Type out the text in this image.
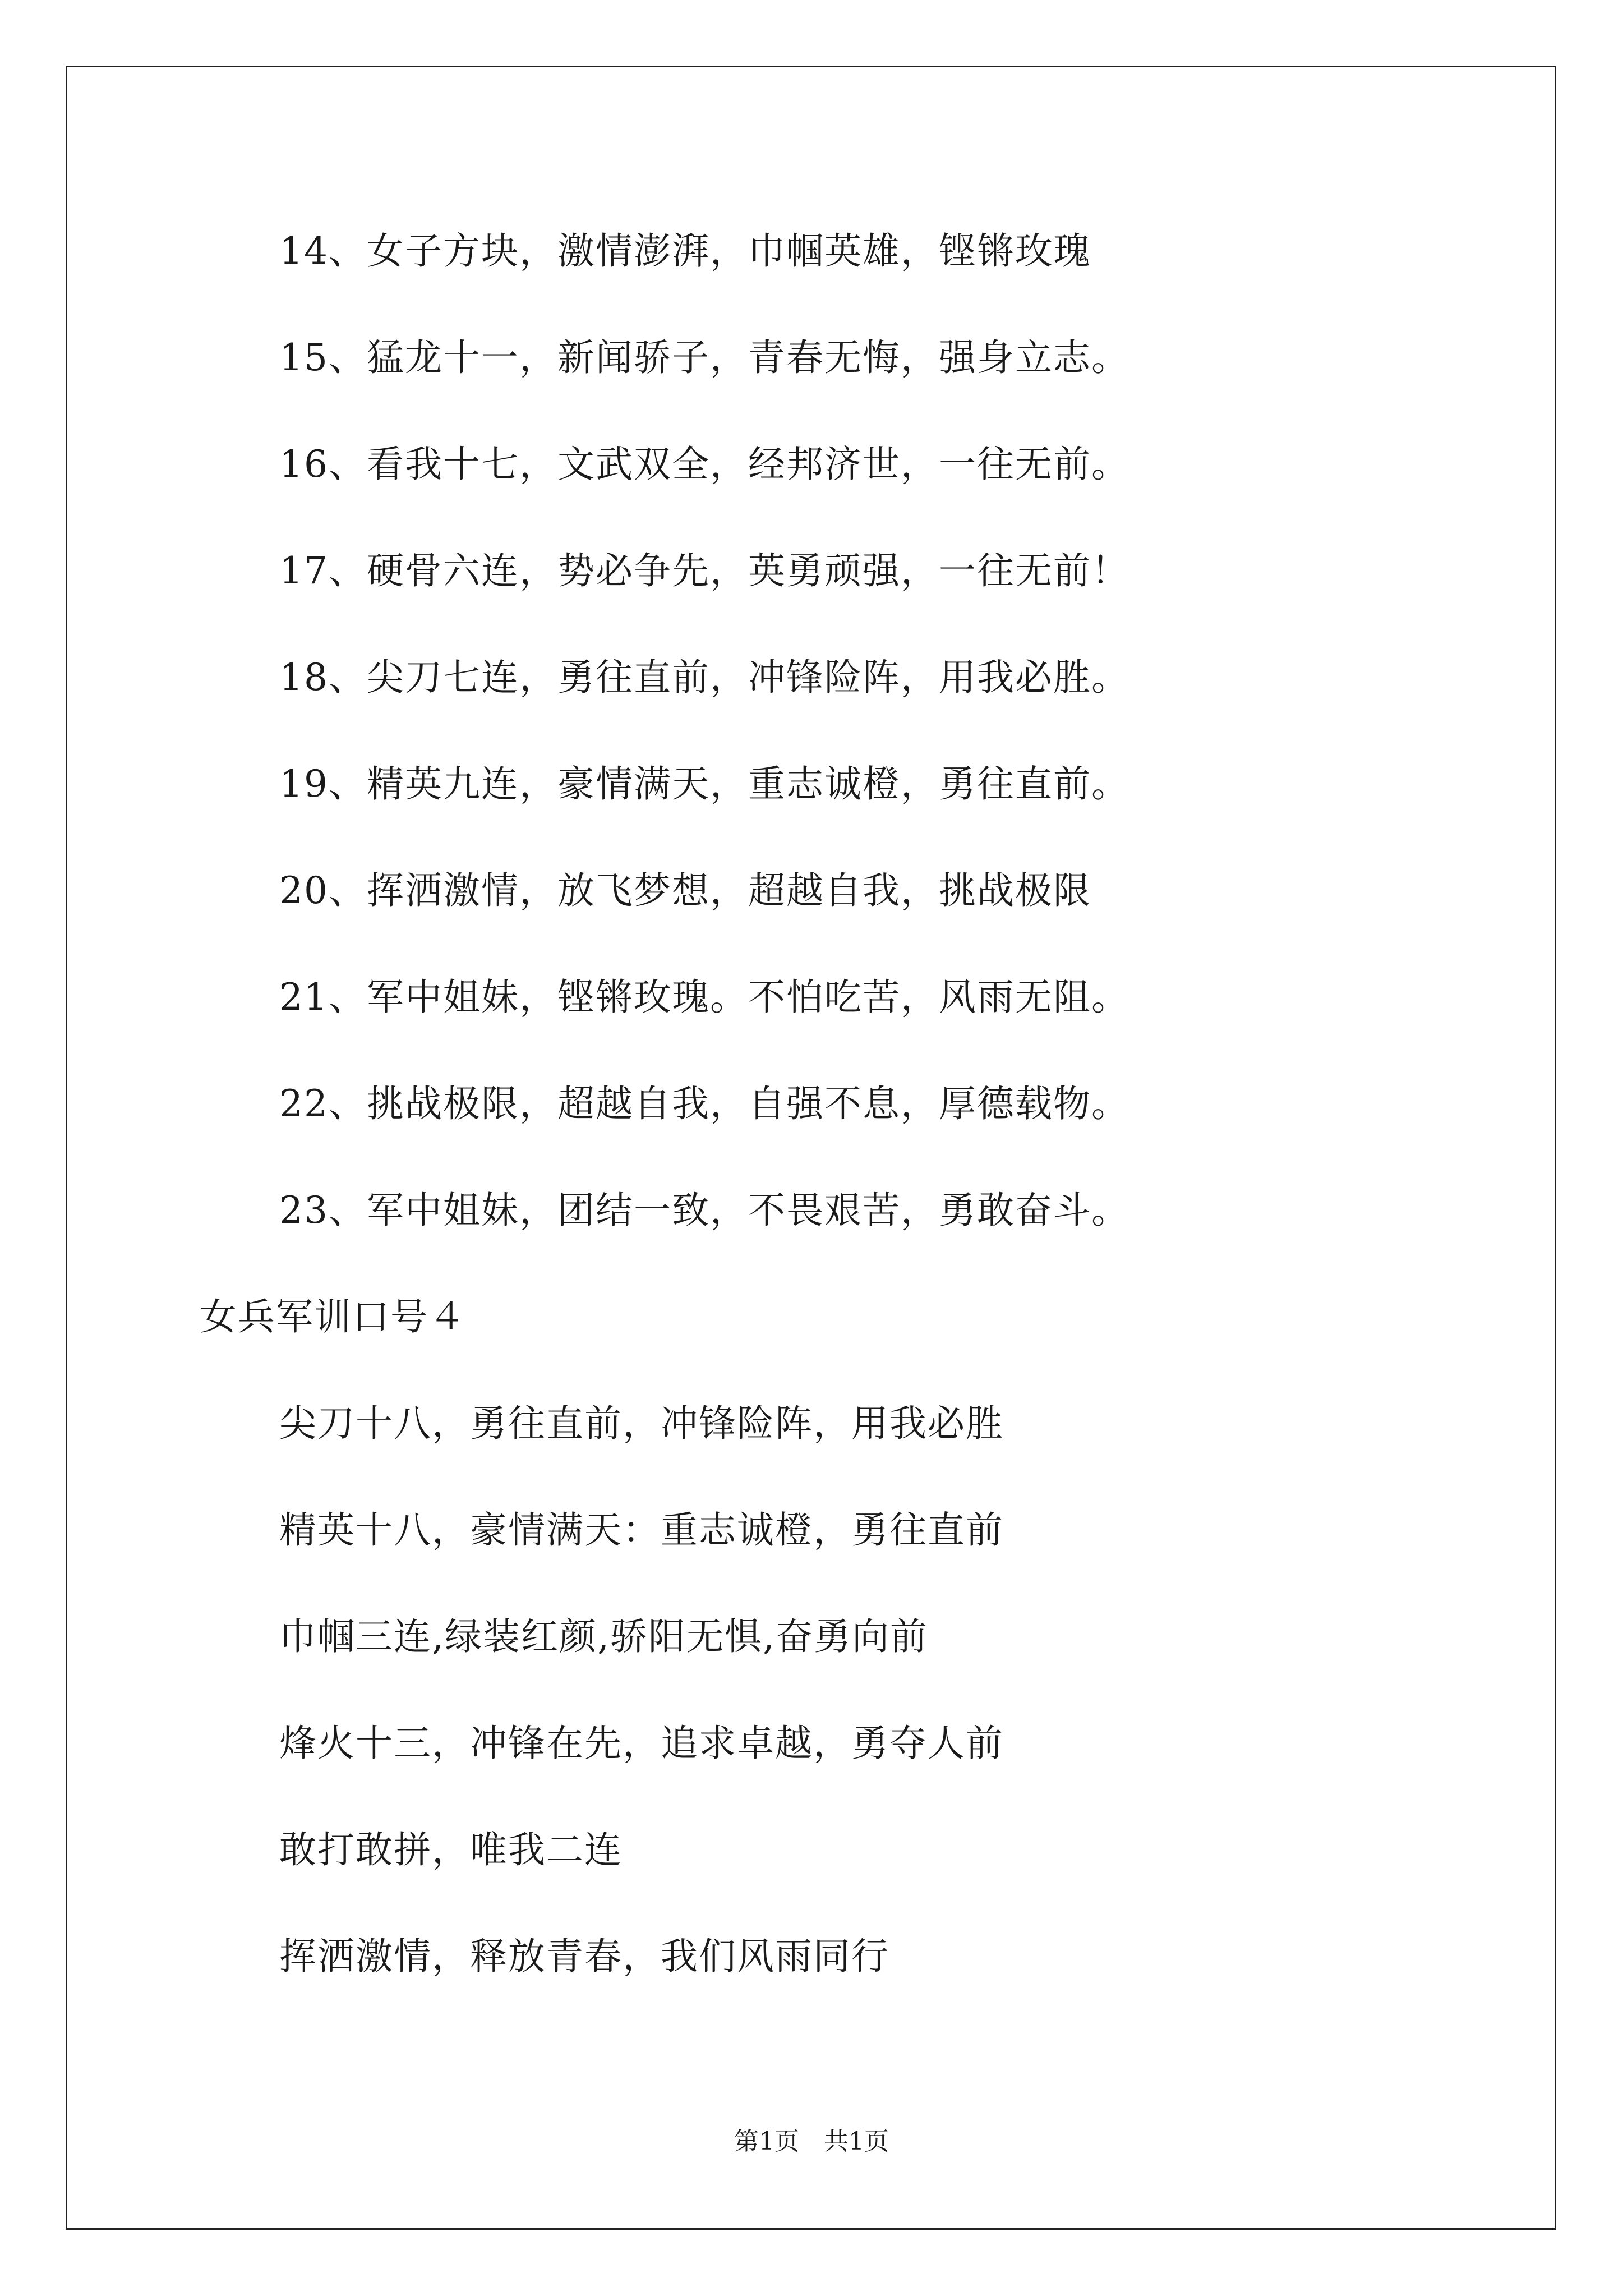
14、女子方块，激情澎湃，巾帼英雄，铿锵玫瑰
15、猛龙十一，新闻骄子，青春无悔，强身立志。
16、看我十七，文武双全，经邦济世，一往无前。
17、硬骨六连，势必争先，英勇顽强，一往无前！
18、尖刀七连，勇往直前，冲锋险阵，用我必胜。
19、精英九连，豪情满天，重志诚橙，勇往直前。
20、挥洒激情，放飞梦想，超越自我，挑战极限
21、军中姐妹，铿锵玫瑰。不怕吃苦，风雨无阻。
22、挑战极限，超越自我，自强不息，厚德载物。
23、军中姐妹，团结一致，不畏艰苦，勇敢奋斗。
女兵军训口号４
尖刀十八，勇往直前，冲锋险阵，用我必胜
精英十八，豪情满天：重志诚橙，勇往直前
巾帼三连,绿装红颜,骄阳无惧,奋勇向前
烽火十三，冲锋在先，追求卓越，勇夺人前
敢打敢拼，唯我二连
挥洒激情，释放青春，我们风雨同行
第1页　共1页
